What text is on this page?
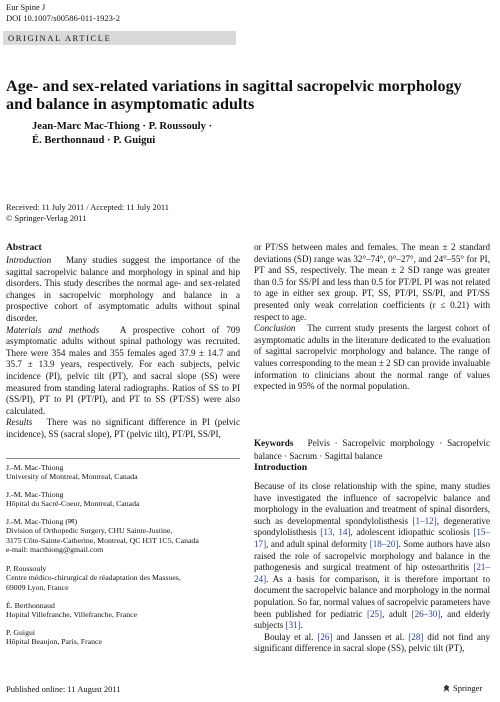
Eur Spine J
DOI 10.1007/s00586-011-1923-2
ORIGINAL ARTICLE
Age- and sex-related variations in sagittal sacropelvic morphology and balance in asymptomatic adults
Jean-Marc Mac-Thiong · P. Roussouly ·
É. Berthonnaud · P. Guigui
Received: 11 July 2011 / Accepted: 11 July 2011
© Springer-Verlag 2011
Abstract

Introduction Many studies suggest the importance of the sagittal sacropelvic balance and morphology in spinal and hip disorders. This study describes the normal age- and sex-related changes in sacropelvic morphology and balance in a prospective cohort of asymptomatic adults without spinal disorder.

Materials and methods A prospective cohort of 709 asymptomatic adults without spinal pathology was recruited. There were 354 males and 355 females aged 37.9 ± 14.7 and 35.7 ± 13.9 years, respectively. For each subjects, pelvic incidence (PI), pelvic tilt (PT), and sacral slope (SS) were measured from standing lateral radiographs. Ratios of SS to PI (SS/PI), PT to PI (PT/PI), and PT to SS (PT/SS) were also calculated.

Results There was no significant difference in PI (pelvic incidence), SS (sacral slope), PT (pelvic tilt), PT/PI, SS/PI,

or PT/SS between males and females. The mean ± 2 standard deviations (SD) range was 32°–74°, 0°–27°, and 24°–55° for PI, PT and SS, respectively. The mean ± 2 SD range was greater than 0.5 for SS/PI and less than 0.5 for PT/PI. PI was not related to age in either sex group. PT, SS, PT/PI, SS/PI, and PT/SS presented only weak correlation coefficients (r ≤ 0.21) with respect to age.

Conclusion The current study presents the largest cohort of asymptomatic adults in the literature dedicated to the evaluation of sagittal sacropelvic morphology and balance. The range of values corresponding to the mean ± 2 SD can provide invaluable information to clinicians about the normal range of values expected in 95% of the normal population.

Keywords Pelvis · Sacropelvic morphology · Sacropelvic balance · Sacrum · Sagittal balance
J.-M. Mac-Thiong
University of Montreal, Montreal, Canada
J.-M. Mac-Thiong
Hôpital du Sacré-Coeur, Montreal, Canada
J.-M. Mac-Thiong (✉)
Division of Orthopedic Surgery, CHU Sainte-Justine,
3175 Côte-Sainte-Catherine, Montreal, QC H3T 1C5, Canada
e-mail: macthiong@gmail.com
P. Roussouly
Centre médico-chirurgical de réadaptation des Massues,
69009 Lyon, France
É. Berthonnaud
Hopital Villefranche, Villefranche, France
P. Guigui
Hôpital Beaujon, Paris, France
Introduction

Because of its close relationship with the spine, many studies have investigated the influence of sacropelvic balance and morphology in the evaluation and treatment of spinal disorders, such as developmental spondylolisthesis [1–12], degenerative spondylolisthesis [13, 14], adolescent idiopathic scoliosis [15–17], and adult spinal deformity [18–20]. Some authors have also raised the role of sacropelvic morphology and balance in the pathogenesis and surgical treatment of hip osteoarthritis [21–24]. As a basis for comparison, it is therefore important to document the sacropelvic balance and morphology in the normal population. So far, normal values of sacropelvic parameters have been published for pediatric [25], adult [26–30], and elderly subjects [31].

Boulay et al. [26] and Janssen et al. [28] did not find any significant difference in sacral slope (SS), pelvic tilt (PT),

Published online: 11 August 2011	Springer
